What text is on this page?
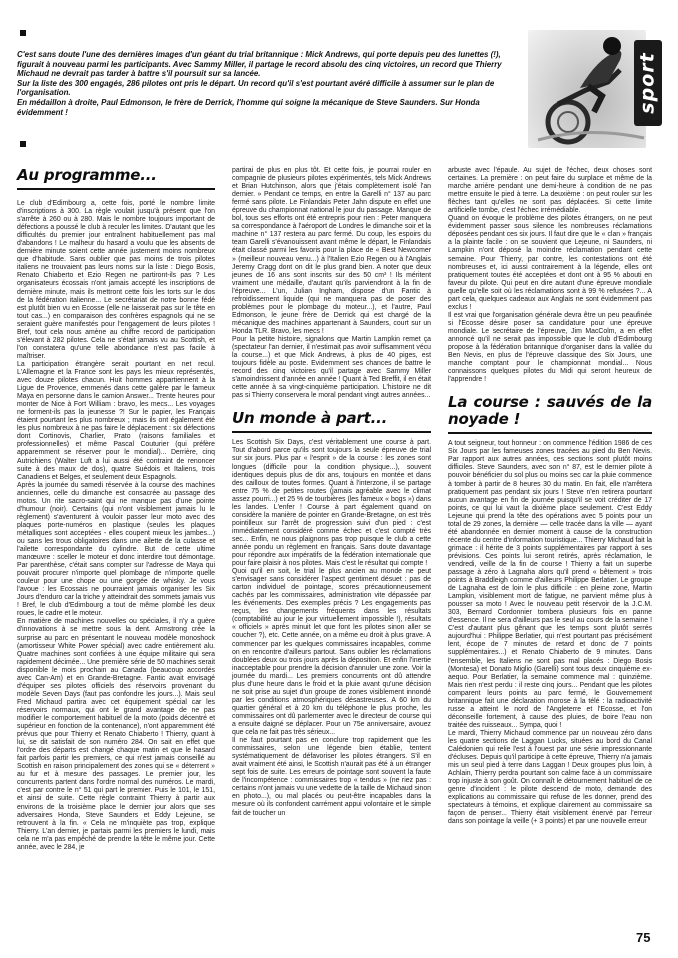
C'est sans doute l'une des dernières images d'un géant du trial britannique : Mick Andrews, qui porte depuis peu des lunettes (!), figurait à nouveau parmi les participants. Avec Sammy Miller, il partage le record absolu des cinq victoires, un record que Thierry Michaud ne devrait pas tarder à battre s'il poursuit sur sa lancée.

Sur la liste des 300 engagés, 286 pilotes ont pris le départ. Un record qu'il s'est pourtant avéré difficile à assumer sur le plan de l'organisation.

En médaillon à droite, Paul Edmonson, le frère de Derrick, l'homme qui soigne la mécanique de Steve Saunders. Sur Honda évidemment !	sport
Au programme...

Le club d'Edimbourg a, cette fois, porté le nombre limite d'inscriptions à 300. La règle voulait jusqu'à présent que l'on s'arrête à 260 ou à 280. Mais le nombre toujours important de défections a poussé le club à reculer les limites. D'autant que les difficultés du premier jour entraînent habituellement pas mal d'abandons ! Le malheur du hasard a voulu que les absents de dernière minute soient cette année justement moins nombreux que d'habitude. Sans oublier que pas moins de trois pilotes italiens ne trouvaient pas leurs noms sur la liste : Diego Bosis, Renato Chiaberto et Ezio Regen ne partiront-ils pas ? Les organisateurs écossais n'ont jamais accepté les inscriptions de dernière minute, mais ils mettront cette fois les torts sur le dos de la fédération italienne... Le secrétariat de notre bonne fédé est plutôt bien vu en Ecosse (elle ne laisserait pas sur le tête en tout cas...) en comparaison des confrères espagnols qui ne se seraient guère manifestés pour l'engagement de leurs pilotes ! Bref, tout cela nous amène au chiffre record de participation s'élevant à 282 pilotes. Cela ne s'était jamais vu au Scottish, et l'on constatera qu'une telle abondance n'est pas facile à maîtriser.

La participation étrangère serait pourtant en net recul. L'Allemagne et la France sont les pays les mieux représentés, avec douze pilotes chacun. Huit hommes appartiennent à la Ligue de Provence, emmenés dans cette galère par le fameux Maya en personne dans le camion Answer... Trente heures pour monter de Nice à Fort William : bravo, les mecs... Les voyages ne forment-ils pas la jeunesse ?! Sur le papier, les Français étaient pourtant les plus nombreux ; mais ils ont également été les plus nombreux à ne pas faire le déplacement : six défections dont Cortinovis, Charlier, Prato (raisons familiales et professionnelles) et même Pascal Couturier (qui préfère apparemment se réserver pour le mondial)... Derrière, cinq Autrichiens (Walter Luft a lui aussi été contraint de renoncer suite à des maux de dos), quatre Suédois et Italiens, trois Canadiens et Belges, et seulement deux Espagnols.

Après la journée du samedi réservée à la course des machines anciennes, celle du dimanche est consacrée au passage des motos. Un rite sacro-saint qui ne manque pas d'une pointe d'humour (noir). Certains (qui n'ont visiblement jamais lu le règlement) s'aventurent à vouloir passer leur moto avec des plaques porte-numéros en plastique (seules les plaques métalliques sont acceptées - elles coupent mieux les jambes...) ou sans les trous obligatoires dans une ailette de la culasse et l'ailette correspondante du cylindre. But de cette ultime manœuvre : sceller le moteur et donc interdire tout démontage. Par parenthèse, c'était sans compter sur l'adresse de Maya qui pouvait procurer n'importe quel plombage de n'importe quelle couleur pour une chope ou une gorgée de whisky. Je vous l'avoue : les Ecossais ne pourraient jamais organiser les Six Jours d'enduro car la triche y atteindrait des sommets jamais vus ! Bref, le club d'Edimbourg a tout de même plombé les deux roues, le cadre et le moteur.

En matière de machines nouvelles ou spéciales, il n'y a guère d'innovations à se mettre sous la dent. Armstrong crée la surprise au parc en présentant le nouveau modèle monoshock (amortisseur White Power spécial) avec cadre entièrement alu. Quatre machines sont confiées à une équipe militaire qui sera rapidement décimée... Une première série de 50 machines serait disponible le mois prochain au Canada (beaucoup accordés avec Can-Am) et en Grande-Bretagne. Fantic avait envisagé d'équiper ses pilotes officiels des réservoirs provenant du modèle Seven Days (faut pas confondre les jours...). Mais seul Fred Michaud partira avec cet équipement spécial car les réservoirs normaux, qui ont le grand avantage de ne pas modifier le comportement habituel de la moto (poids décentré et supérieur en fonction de la contenance), n'ont apparemment été prévus que pour Thierry et Renato Chiaberto ! Thierry, quant à lui, se dit satisfait de son numéro 284. On sait en effet que l'ordre des départs est changé chaque matin et que le hasard fait parfois partir les premiers, ce qui n'est jamais conseillé au Scottish en raison principalement des zones qui se « déterrent » au fur et à mesure des passages. Le premier jour, les concurrents partent dans l'ordre normal des numéros. Le mardi, c'est par contre le n° 51 qui part le premier. Puis le 101, le 151, et ainsi de suite. Cette règle contraint Thierry à partir aux environs de la troisième place le dernier jour alors que ses adversaires Honda, Steve Saunders et Eddy Lejeune, se retrouvent à la fin. « Cela ne m'inquiète pas trop, explique Thierry. L'an dernier, je partais parmi les premiers le lundi, mais cela ne m'a pas empêché de prendre la tête le même jour. Cette année, avec le 284, je

partirai de plus en plus tôt. Et cette fois, je pourrai rouler en compagnie de plusieurs pilotes expérimentés, tels Mick Andrews et Brian Hutchinson, alors que j'étais complètement isolé l'an dernier. » Pendant ce temps, en entre la Garelli n° 137 au parc fermé sans pilote. Le Finlandais Peter Jahn dispute en effet une épreuve du championnat national le jour du passage. Manque de bol, tous ses efforts ont été entrepris pour rien : Peter manquera sa correspondance à l'aéroport de Londres le dimanche soir et la machine n° 137 restera au parc fermé. Du coup, les espoirs du team Garelli s'évanouissent avant même le départ, le Finlandais était classé parmi les favoris pour la place de « Best Newcomer » (meilleur nouveau venu...) à l'Italien Ezio Regen ou à l'Anglais Jeremy Cragg dont on dit le plus grand bien. A noter que deux jeunes de 16 ans sont inscrits sur des 50 cm³ ! Ils méritent vraiment une médaille, d'autant qu'ils parviendront à la fin de l'épreuve... L'un, Julian Ingham, dispose d'un Fantic à refroidissement liquide (qui ne manquera pas de poser des problèmes pour le plombage du moteur...), et l'autre, Paul Edmonson, le jeune frère de Derrick qui est chargé de la mécanique des machines appartenant à Saunders, court sur un Honda TLR. Bravo, les mecs !

Pour la petite histoire, signalons que Martin Lampkin remet ça (spectateur l'an dernier, il n'estimait pas avoir suffisamment vécu la course...) et que Mick Andrews, à plus de 40 piges, est toujours fidèle au poste. Evidemment ses chances de battre le record des cinq victoires qu'il partage avec Sammy Miller s'amoindrissent d'année en année ! Quant à Ted Breffit, il en était cette année à sa vingt-cinquième participation. L'histoire ne dit pas si Thierry conservera le moral pendant vingt autres années...

Un monde à part...

Les Scottish Six Days, c'est véritablement une course à part. Tout d'abord parce qu'ils sont toujours la seule épreuve de trial sur six jours. Plus par « l'esprit » de la course : les zones sont longues (difficile pour la condition physique...), souvent identiques depuis plus de dix ans, toujours en montée et dans des cailloux de toutes formes. Quant à l'interzone, il se partage entre 75 % de petites routes (jamais agréable avec le climat assez pourri...) et 25 % de tourbières (les fameux « bogs ») dans les landes. L'enfer ! Course à part également quand on considère la manière de pointer en Grande-Bretagne, on est très pointilleux sur l'arrêt de progression suivi d'un pied : c'est immédiatement considéré comme échec et c'est compté très sec... Enfin, ne nous plaignons pas trop puisque le club a cette année pondu un règlement en français. Sans doute davantage pour répondre aux impératifs de la fédération internationale que pour faire plaisir à nos pilotes. Mais c'est le résultat qui compte !

Quoi qu'il en soit, le trial le plus ancien au monde ne peut s'envisager sans considérer l'aspect gentiment désuet : pas de carton individuel de pointage, scores précautionneusement cachés par les commissaires, administration vite dépassée par les événements. Des exemples précis ? Les engagements pas reçus, les changements fréquents dans les résultats (comptabilité au jour le jour virtuellement impossible !), résultats « officiels » après minuit let que font les pilotes sinon aller se coucher ?), etc. Cette année, on a même eu droit à plus grave. A commencer par les quelques commissaires incapables, comme on en rencontre d'ailleurs partout. Sans oublier les réclamations doublées deux ou trois jours après la déposition. Et enfin l'inertie inacceptable pour prendre la décision d'annuler une zone. Voir la journée du mardi... Les premiers concurrents ont dû attendre plus d'une heure dans le froid et la pluie avant qu'une décision ne soit prise au sujet d'un groupe de zones visiblement innondé par les conditions atmosphériques désastreuses. A 60 km du quartier général et à 20 km du téléphone le plus proche, les commissaires ont dû parlementer avec le directeur de course qui a ensuite daigné se déplacer. Pour un 75e anniversaire, avouez que cela ne fait pas très sérieux...

Il ne faut pourtant pas en conclure trop rapidement que les commissaires, selon une légende bien établie, tentent systématiquement de défavoriser les pilotes étrangers. S'il en avait vraiment été ainsi, le Scottish n'aurait pas été à un étranger sept fois de suite. Les erreurs de pointage sont souvent la faute de l'incompétence : commissaires trop « tendus » (ne riez pas : certains n'ont jamais vu une vedette de la taille de Michaud sinon en photo...), ou mal placés ou peut-être incapables dans la mesure où ils confondent carrément appui volontaire et le simple fait de toucher un

arbuste avec l'épaule. Au sujet de l'échec, deux choses sont certaines. La première : on peut faire du surplace et même de la marche arrière pendant une demi-heure à condition de ne pas mettre ensuite le pied à terre. La deuxième : on peut rouler sur les flèches tant qu'elles ne sont pas déplacées. Si cette limite artificielle tombe, c'est l'échec irrémédiable.

Quand on évoque le problème des pilotes étrangers, on ne peut évidemment passer sous silence les nombreuses réclamations déposées pendant ces six jours. Il faut dire que le « clan » français a la plainte facile : on se souvient que Lejeune, ni Saunders, ni Lampkin n'ont déposé la moindre réclamation pendant cette semaine. Pour Thierry, par contre, les contestations ont été nombreuses et, ici aussi contrairement à la légende, elles ont pratiquement toutes été acceptées et dont ont à 95 % abouti en faveur du pilote. Qui peut en dire autant d'une épreuve mondiale quelle qu'elle soit où les réclamations sont à 99 % refusées ?... A part cela, quelques cadeaux aux Anglais ne sont évidemment pas exclus !

Il est vrai que l'organisation générale devra être un peu peaufinée si l'Ecosse désire poser sa candidature pour une épreuve mondiale. Le secrétaire de l'épreuve, Jim MacColm, a en effet annoncé qu'il ne serait pas impossible que le club d'Edimbourg propose à la fédération britannique d'organiser dans la vallée du Ben Nevis, en plus de l'épreuve classique des Six Jours, une manche comptant pour le championnat mondial... Nous connaissons quelques pilotes du Midi qui seront heureux de l'apprendre !

La course : sauvés de la noyade !

A tout seigneur, tout honneur : on commence l'édition 1986 de ces Six Jours par les fameuses zones tracées au pied du Ben Nevis. Par rapport aux autres années, ces sections sont plutôt moins difficiles. Steve Saunders, avec son n° 87, est le dernier pilote à pouvoir bénéficier du sol plus ou moins sec car la pluie commence à tomber à partir de 8 heures 30 du matin. En fait, elle n'arrêtera pratiquement pas pendant six jours ! Steve n'en retirera pourtant aucun avantage en fin de journée puisqu'il se voit créditer de 17 points, ce qui lui vaut la dixième place seulement. C'est Eddy Lejeune qui prend la tête des opérations avec 5 points pour un total de 29 zones, la dernière — celle tracée dans la ville — ayant été abandonnée en dernier moment à cause de la construction récente du centre d'information touristique... Thierry Michaud fait la grimace : il hérite de 3 points supplémentaires par rapport à ses prévisions. Ces points lui seront retirés, après réclamation, le vendredi, veille de la fin de course ! Thierry a fait un superbe passage à zéro à Lagnaha alors qu'il prend « bêtement » trois points à Braddleigh comme d'ailleurs Philippe Berlatier. Le groupe de Lagnaha est de loin le plus difficile : en pleine zone, Martin Lampkin, visiblement mort de fatigue, ne parvient même plus à pousser sa moto ! Avec le nouveau petit réservoir de la J.C.M. 303, Bernard Cordonnier tombera plusieurs fois en panne d'essence. Il ne sera d'ailleurs pas le seul au cours de la semaine ! C'est d'autant plus gênant que les temps sont plutôt serrés aujourd'hui : Philippe Berlatier, qui n'est pourtant pas précisément lent, écope de 7 minutes de retard et donc de 7 points supplémentaires...) et Renato Chiaberto de 9 minutes. Dans l'ensemble, les Italiens ne sont pas mal placés : Diego Bosis (Montesa) et Donato Miglio (Garelli) sont tous deux cinquième ex-aequo. Pour Berlatier, la semaine commence mal : quinzième. Mais rien n'est perdu : il reste cinq jours... Pendant que les pilotes comparent leurs points au parc fermé, le Gouvernement britannique fait une déclaration morose à la télé : la radioactivité russe a atteint le nord de l'Angleterre et l'Ecosse, et l'on déconseille fortement, à cause des pluies, de boire l'eau non traitée des ruisseaux... Sympa, quoi !

Le mardi, Thierry Michaud commence par un nouveau zéro dans les quatre sections de Laggan Lucks, situées au bord du Canal Calédonien qui relie l'est à l'ouest par une série impressionnante d'écluses. Depuis qu'il participe à cette épreuve, Thierry n'a jamais mis un seul pied à terre dans Laggan ! Deux groupes plus loin, à Achlain, Thierry perdra pourtant son calme face à un commissaire trop injuste à son goût. On connaît le détournement habituel de ce genre d'incident : le pilote descend de moto, demande des explications au commissaire qui refuse de les donner, prend des spectateurs à témoins, et explique clairement au commissaire sa façon de penser... Thierry était visiblement énervé par l'erreur dans son pointage la veille (+ 3 points) et par une nouvelle erreur

75
